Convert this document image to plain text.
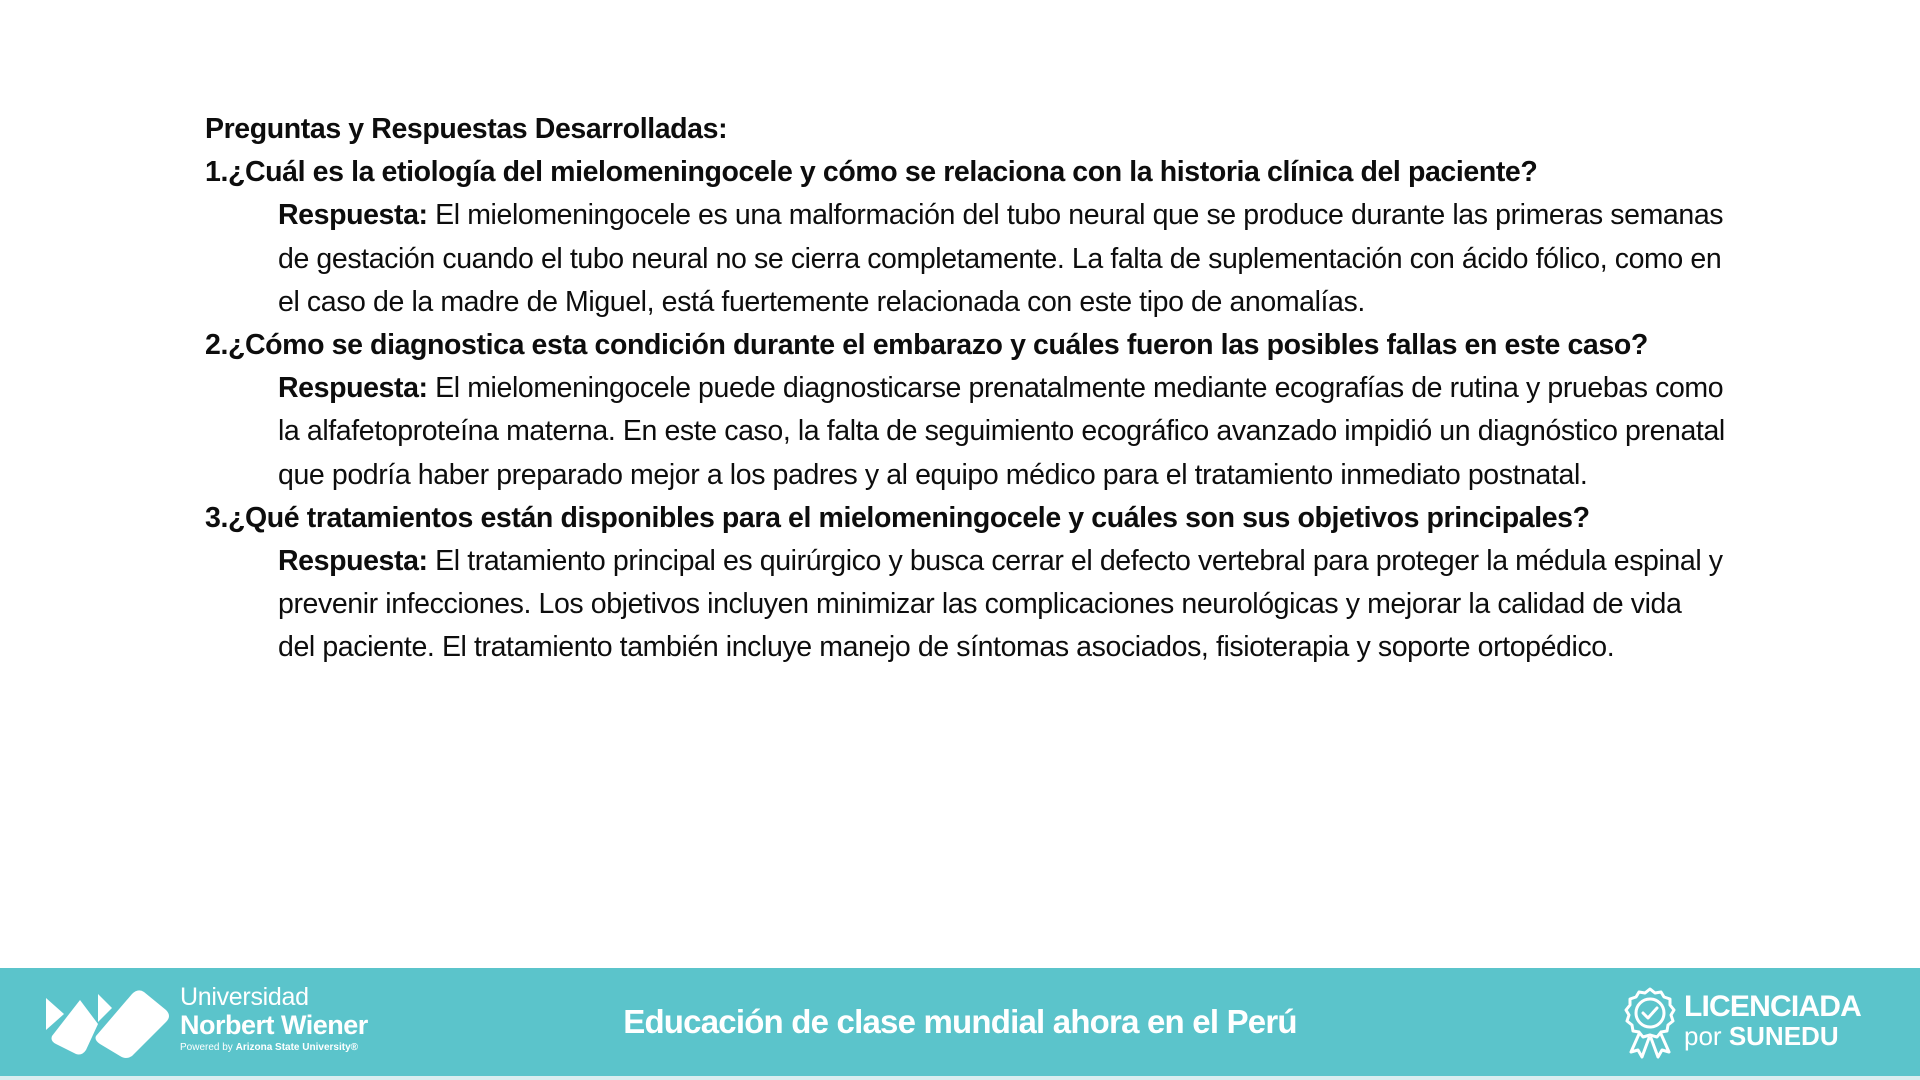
Preguntas y Respuestas Desarrolladas:

1.¿Cuál es la etiología del mielomeningocele y cómo se relaciona con la historia clínica del paciente?

Respuesta: El mielomeningocele es una malformación del tubo neural que se produce durante las primeras semanas de gestación cuando el tubo neural no se cierra completamente. La falta de suplementación con ácido fólico, como en el caso de la madre de Miguel, está fuertemente relacionada con este tipo de anomalías.

2.¿Cómo se diagnostica esta condición durante el embarazo y cuáles fueron las posibles fallas en este caso?

Respuesta: El mielomeningocele puede diagnosticarse prenatalmente mediante ecografías de rutina y pruebas como la alfafetoproteína materna. En este caso, la falta de seguimiento ecográfico avanzado impidió un diagnóstico prenatal que podría haber preparado mejor a los padres y al equipo médico para el tratamiento inmediato postnatal.

3.¿Qué tratamientos están disponibles para el mielomeningocele y cuáles son sus objetivos principales?

Respuesta: El tratamiento principal es quirúrgico y busca cerrar el defecto vertebral para proteger la médula espinal y prevenir infecciones. Los objetivos incluyen minimizar las complicaciones neurológicas y mejorar la calidad de vida del paciente. El tratamiento también incluye manejo de síntomas asociados, fisioterapia y soporte ortopédico.

Universidad
Norbert Wiener
Powered by Arizona State University®
Educación de clase mundial ahora en el Perú	LICENCIADA
por SUNEDU
